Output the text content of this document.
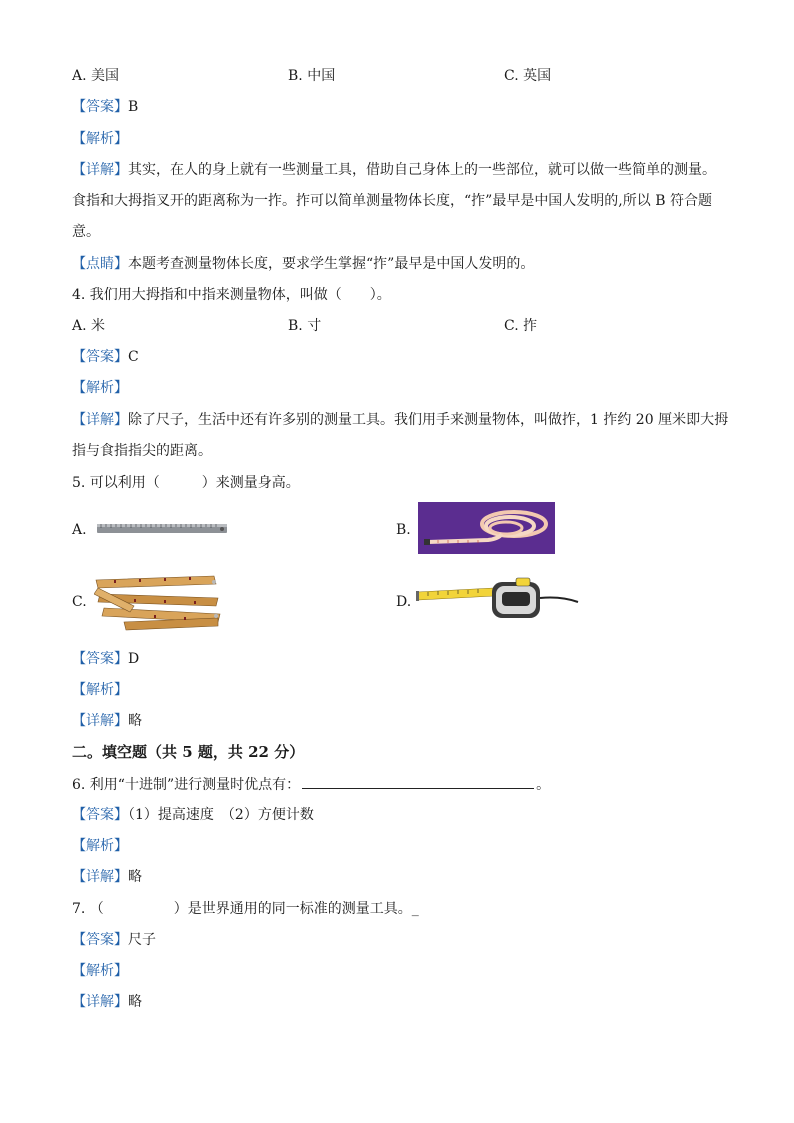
A. 美国	B. 中国	C. 英国
【答案】B
【解析】
【详解】其实，在人的身上就有一些测量工具，借助自己身体上的一些部位，就可以做一些简单的测量。
食指和大拇指叉开的距离称为一拃。拃可以简单测量物体长度，“拃”最早是中国人发明的,所以 B 符合题
意。
【点睛】本题考查测量物体长度，要求学生掌握“拃”最早是中国人发明的。
4. 我们用大拇指和中指来测量物体，叫做（　　）。
A. 米	B. 寸	C. 拃
【答案】C
【解析】
【详解】除了尺子，生活中还有许多别的测量工具。我们用手来测量物体，叫做拃，1 拃约 20 厘米即大拇
指与食指指尖的距离。
5. 可以利用（　　　）来测量身高。
A.	B.
C.	D.
【答案】D
【解析】
【详解】略
二。填空题（共 5 题，共 22 分）
6. 利用“十进制”进行测量时优点有：	。
【答案】（1）提高速度　（2）方便计数
【解析】
【详解】略
7. （　　　　　）是世界通用的同一标准的测量工具。_
【答案】尺子
【解析】
【详解】略
